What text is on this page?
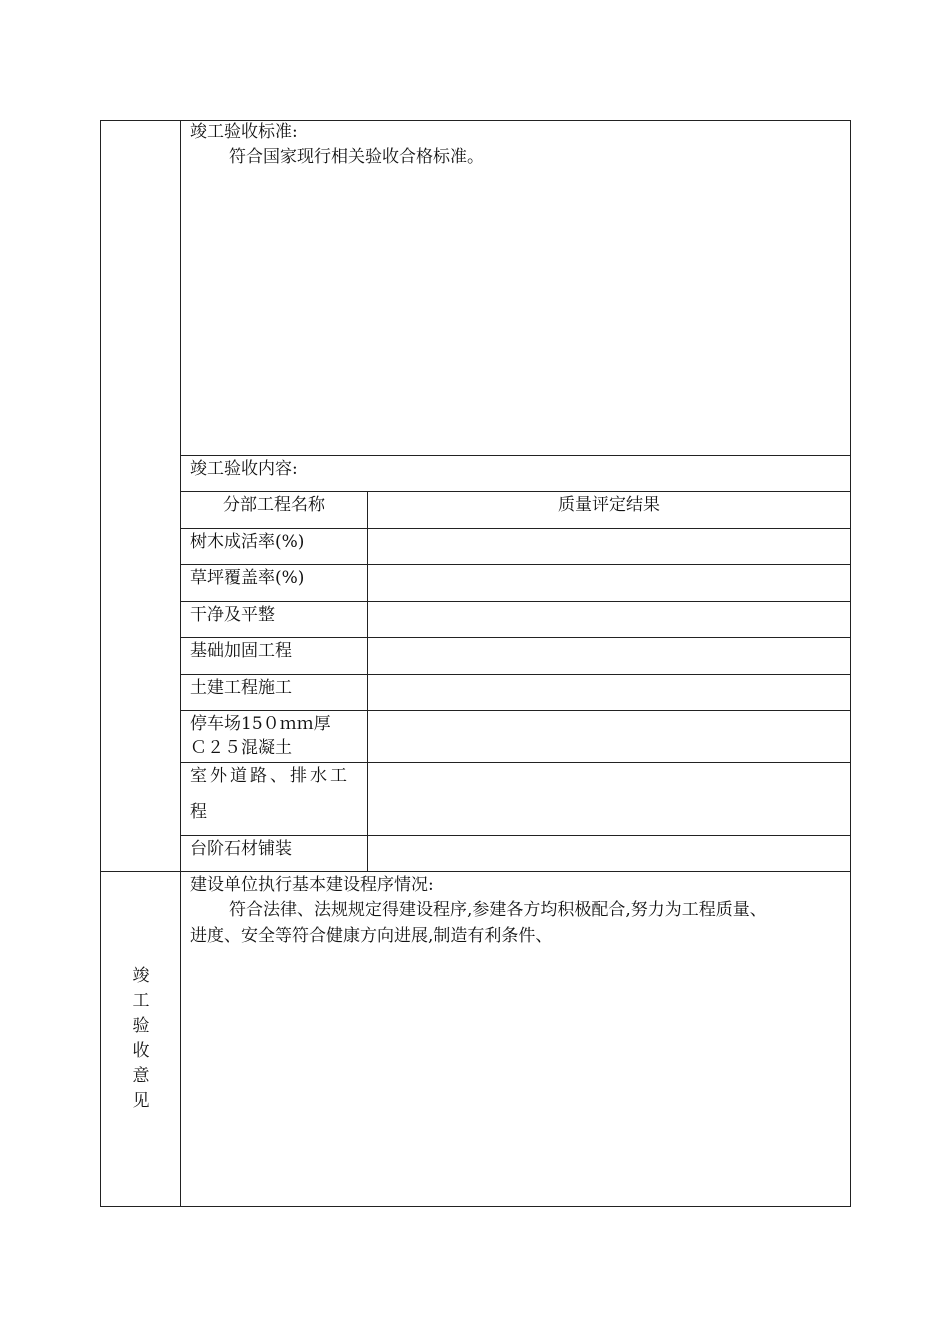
竣工验收标准:
符合国家现行相关验收合格标准。
竣工验收内容:
分部工程名称	质量评定结果
树木成活率(%)
草坪覆盖率(%)
干净及平整
基础加固工程
土建工程施工
停车场15０ｍｍ厚
Ｃ２５混凝土
室外道路、排水工
程
台阶石材铺装
竣
工
验
收
意
见
建设单位执行基本建设程序情况:
符合法律、法规规定得建设程序,参建各方均积极配合,努力为工程质量、
进度、安全等符合健康方向进展,制造有利条件、
